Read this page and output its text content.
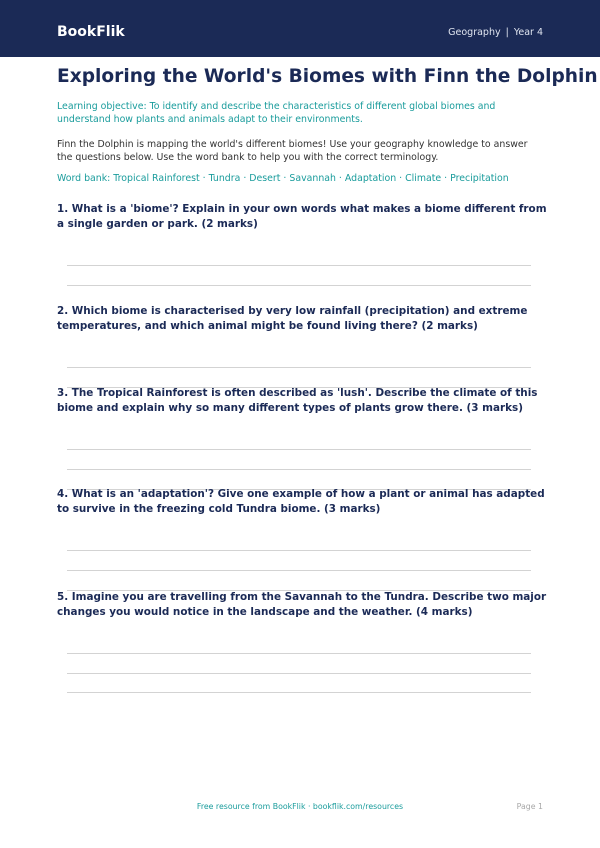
BookFlik	Geography | Year 4
Exploring the World's Biomes with Finn the Dolphin
Learning objective: To identify and describe the characteristics of different global biomes and understand how plants and animals adapt to their environments.
Finn the Dolphin is mapping the world's different biomes! Use your geography knowledge to answer the questions below. Use the word bank to help you with the correct terminology.
Word bank: Tropical Rainforest · Tundra · Desert · Savannah · Adaptation · Climate · Precipitation
1. What is a 'biome'? Explain in your own words what makes a biome different from a single garden or park. (2 marks)
2. Which biome is characterised by very low rainfall (precipitation) and extreme temperatures, and which animal might be found living there? (2 marks)
3. The Tropical Rainforest is often described as 'lush'. Describe the climate of this biome and explain why so many different types of plants grow there. (3 marks)
4. What is an 'adaptation'? Give one example of how a plant or animal has adapted to survive in the freezing cold Tundra biome. (3 marks)
5. Imagine you are travelling from the Savannah to the Tundra. Describe two major changes you would notice in the landscape and the weather. (4 marks)
Free resource from BookFlik · bookflik.com/resources	Page 1
